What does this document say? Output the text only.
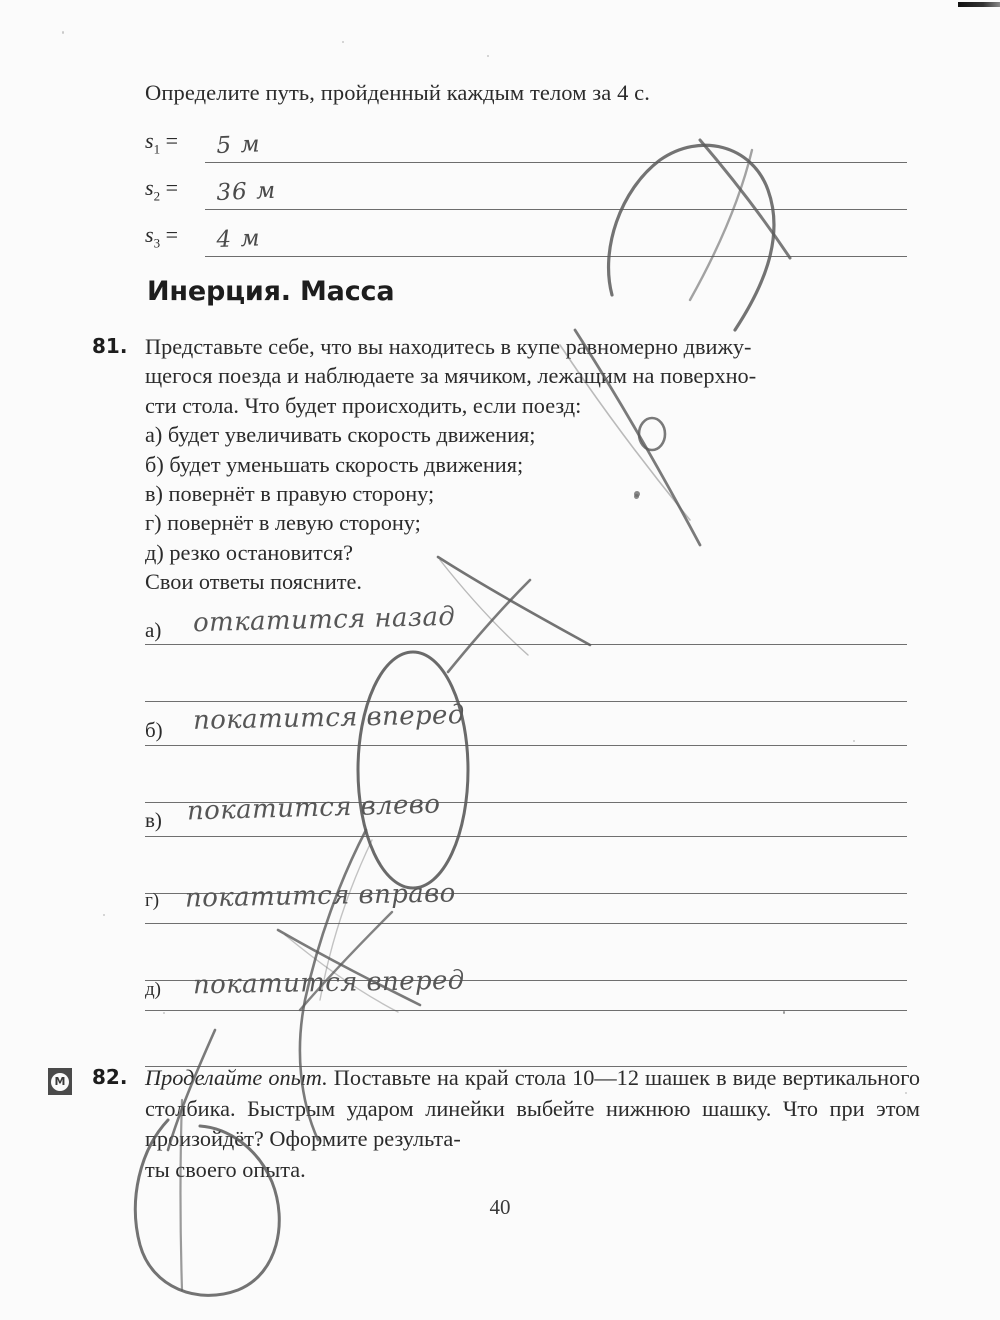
Определите путь, пройденный каждым телом за 4 с.
$s_1 = 5$ м
$s_2 = 36$ м
$s_3 = 4$ м
Инерция. Масса
81. Представьте себе, что вы находитесь в купе равномерно движу-
щегося поезда и наблюдаете за мячиком, лежащим на поверхно-
сти стола. Что будет происходить, если поезд:
а) будет увеличивать скорость движения;
б) будет уменьшать скорость движения;
в) повернёт в правую сторону;
г) повернёт в левую сторону;
д) резко остановится?
Свои ответы поясните.
а) откатится назад
б) покатится вперед
в) покатится влево
г) покатится вправо
д) покатится вперед
М 82. Проделайте опыт. Поставьте на край стола 10—12 шашек в виде вертикального столбика. Быстрым ударом линейки выбейте нижнюю шашку. Что при этом произойдёт? Оформите результа-

ты своего опыта.

40
